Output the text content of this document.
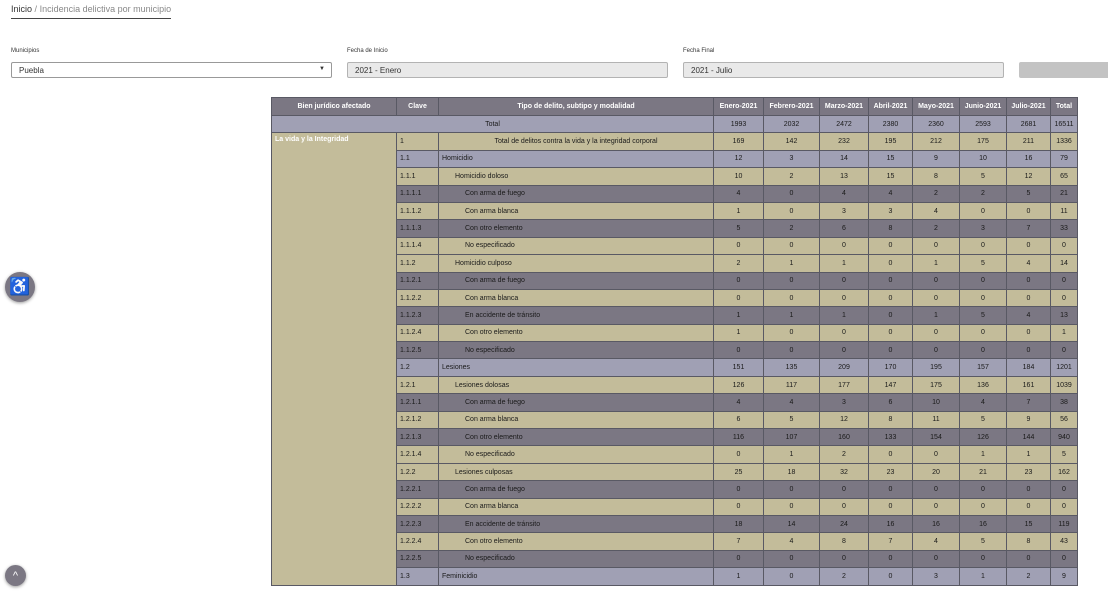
Inicio / Incidencia delictiva por municipio
Municipios
Puebla	▼
Fecha de Inicio
2021 - Enero
Fecha Final
2021 - Julio
Bien jurídico afectado	Clave	Tipo de delito, subtipo y modalidad	Enero-2021	Febrero-2021	Marzo-2021	Abril-2021	Mayo-2021	Junio-2021	Julio-2021	Total
Total			1993	2032	2472	2380	2360	2593	2681	16511
La vida y la Integridad	1	Total de delitos contra la vida y la integridad corporal	169	142	232	195	212	175	211	1336
	1.1	Homicidio	12	3	14	15	9	10	16	79
	1.1.1	Homicidio doloso	10	2	13	15	8	5	12	65
	1.1.1.1	Con arma de fuego	4	0	4	4	2	2	5	21
	1.1.1.2	Con arma blanca	1	0	3	3	4	0	0	11
	1.1.1.3	Con otro elemento	5	2	6	8	2	3	7	33
	1.1.1.4	No especificado	0	0	0	0	0	0	0	0
	1.1.2	Homicidio culposo	2	1	1	0	1	5	4	14
	1.1.2.1	Con arma de fuego	0	0	0	0	0	0	0	0
	1.1.2.2	Con arma blanca	0	0	0	0	0	0	0	0
	1.1.2.3	En accidente de tránsito	1	1	1	0	1	5	4	13
	1.1.2.4	Con otro elemento	1	0	0	0	0	0	0	1
	1.1.2.5	No especificado	0	0	0	0	0	0	0	0
	1.2	Lesiones	151	135	209	170	195	157	184	1201
	1.2.1	Lesiones dolosas	126	117	177	147	175	136	161	1039
	1.2.1.1	Con arma de fuego	4	4	3	6	10	4	7	38
	1.2.1.2	Con arma blanca	6	5	12	8	11	5	9	56
	1.2.1.3	Con otro elemento	116	107	160	133	154	126	144	940
	1.2.1.4	No especificado	0	1	2	0	0	1	1	5
	1.2.2	Lesiones culposas	25	18	32	23	20	21	23	162
	1.2.2.1	Con arma de fuego	0	0	0	0	0	0	0	0
	1.2.2.2	Con arma blanca	0	0	0	0	0	0	0	0
	1.2.2.3	En accidente de tránsito	18	14	24	16	16	16	15	119
	1.2.2.4	Con otro elemento	7	4	8	7	4	5	8	43
	1.2.2.5	No especificado	0	0	0	0	0	0	0	0
	1.3	Feminicidio	1	0	2	0	3	1	2	9
♿
^
